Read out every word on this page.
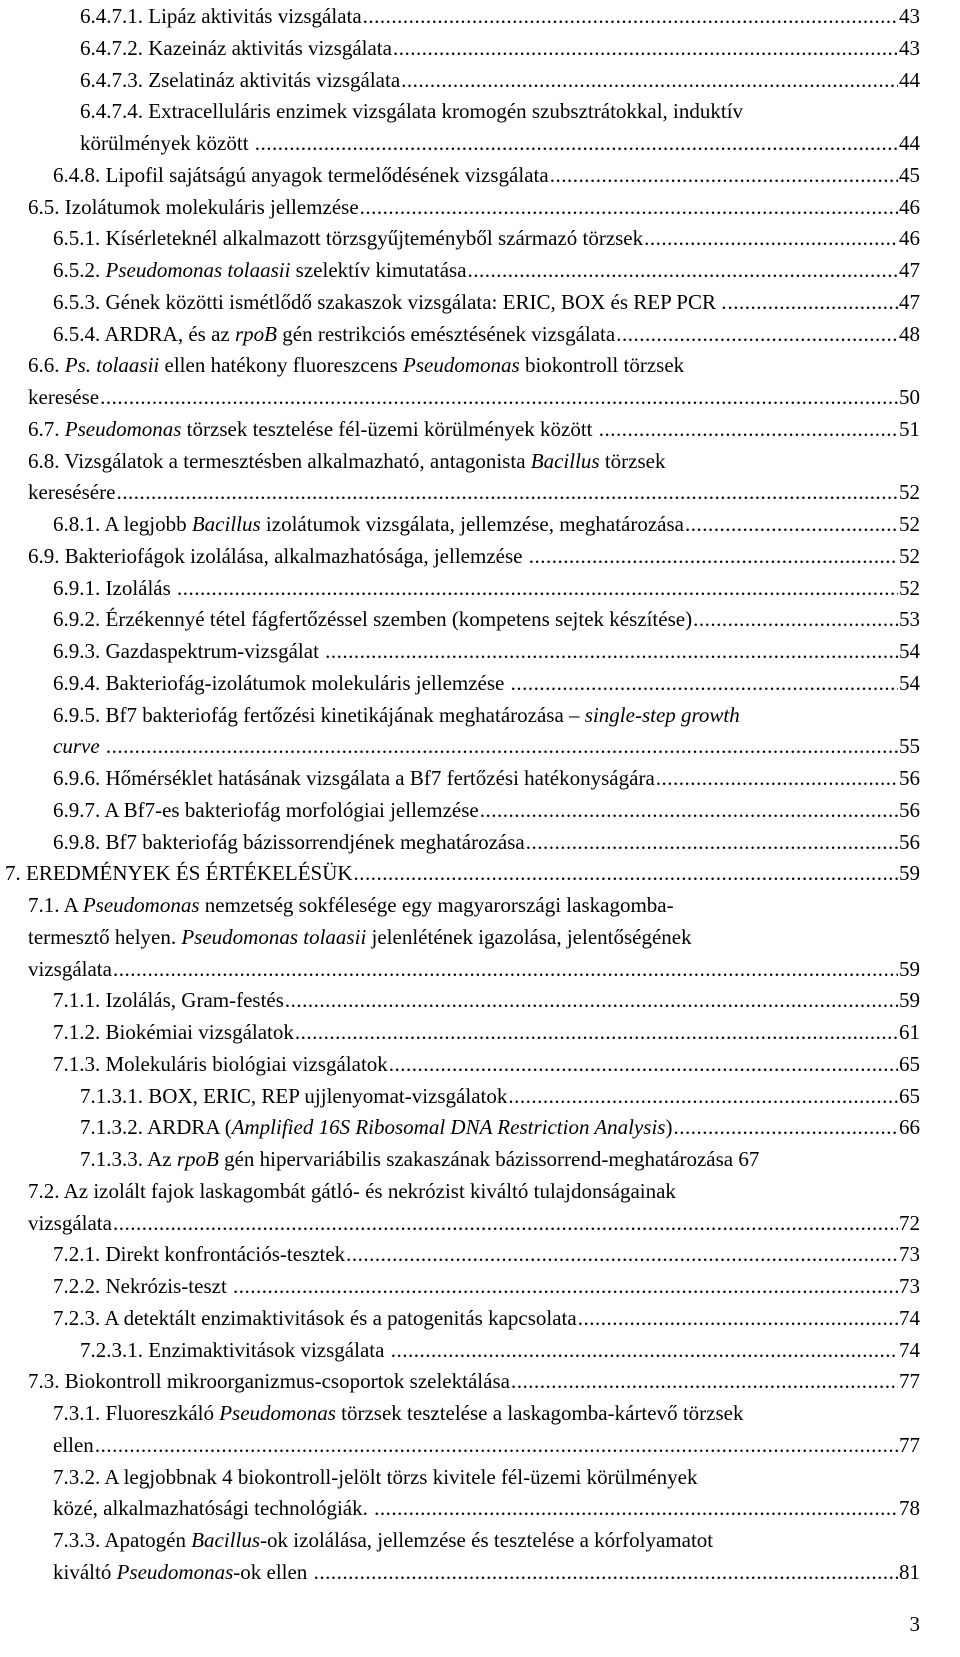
6.4.7.1. Lipáz aktivitás vizsgálata .....	43
6.4.7.2. Kazeináz aktivitás vizsgálata .....	43
6.4.7.3. Zselatináz aktivitás vizsgálata .....	44
6.4.7.4. Extracelluláris enzimek vizsgálata kromogén szubsztrátokkal, induktív
körülmények között .....	44
6.4.8. Lipofil sajátságú anyagok termelődésének vizsgálata .....	45
6.5. Izolátumok molekuláris jellemzése .....	46
6.5.1. Kísérleteknél alkalmazott törzsgyűjteményből származó törzsek .....	46
6.5.2. Pseudomonas tolaasii szelektív kimutatása .....	47
6.5.3. Gének közötti ismétlődő szakaszok vizsgálata: ERIC, BOX és REP PCR . .....	47
6.5.4. ARDRA, és az rpoB gén restrikciós emésztésének vizsgálata .....	48
6.6. Ps. tolaasii ellen hatékony fluoreszcens Pseudomonas biokontroll törzsek
keresése .....	50
6.7. Pseudomonas törzsek tesztelése fél-üzemi körülmények között .....	51
6.8. Vizsgálatok a termesztésben alkalmazható, antagonista Bacillus törzsek
keresésére .....	52
6.8.1. A legjobb Bacillus izolátumok vizsgálata, jellemzése, meghatározása .....	52
6.9. Bakteriofágok izolálása, alkalmazhatósága, jellemzése .....	52
6.9.1. Izolálás .....	52
6.9.2. Érzékennyé tétel fágfertőzéssel szemben (kompetens sejtek készítése) .....	53
6.9.3. Gazdaspektrum-vizsgálat .....	54
6.9.4. Bakteriofág-izolátumok molekuláris jellemzése .....	54
6.9.5. Bf7 bakteriofág fertőzési kinetikájának meghatározása – single-step growth
curve .....	55
6.9.6. Hőmérséklet hatásának vizsgálata a Bf7 fertőzési hatékonyságára .....	56
6.9.7. A Bf7-es bakteriofág morfológiai jellemzése .....	56
6.9.8. Bf7 bakteriofág bázissorrendjének meghatározása .....	56
7. EREDMÉNYEK ÉS ÉRTÉKELÉSÜK .....	59
7.1. A Pseudomonas nemzetség sokfélesége egy magyarországi laskagomba-
termesztő helyen. Pseudomonas tolaasii jelenlétének igazolása, jelentőségének
vizsgálata .....	59
7.1.1. Izolálás, Gram-festés .....	59
7.1.2. Biokémiai vizsgálatok .....	61
7.1.3. Molekuláris biológiai vizsgálatok .....	65
7.1.3.1. BOX, ERIC, REP ujjlenyomat-vizsgálatok .....	65
7.1.3.2. ARDRA (Amplified 16S Ribosomal DNA Restriction Analysis) .....	66
7.1.3.3. Az rpoB gén hipervariábilis szakaszának bázissorrend-meghatározása 67
7.2. Az izolált fajok laskagombát gátló- és nekrózist kiváltó tulajdonságainak
vizsgálata .....	72
7.2.1. Direkt konfrontációs-tesztek .....	73
7.2.2. Nekrózis-teszt .....	73
7.2.3. A detektált enzimaktivitások és a patogenitás kapcsolata .....	74
7.2.3.1. Enzimaktivitások vizsgálata .....	74
7.3. Biokontroll mikroorganizmus-csoportok szelektálása .....	77
7.3.1. Fluoreszkáló Pseudomonas törzsek tesztelése a laskagomba-kártevő törzsek
ellen .....	77
7.3.2. A legjobbnak 4 biokontroll-jelölt törzs kivitele fél-üzemi körülmények
közé, alkalmazhatósági technológiák. .....	78
7.3.3. Apatogén Bacillus-ok izolálása, jellemzése és tesztelése a kórfolyamatot
kiváltó Pseudomonas-ok ellen .....	81
3
